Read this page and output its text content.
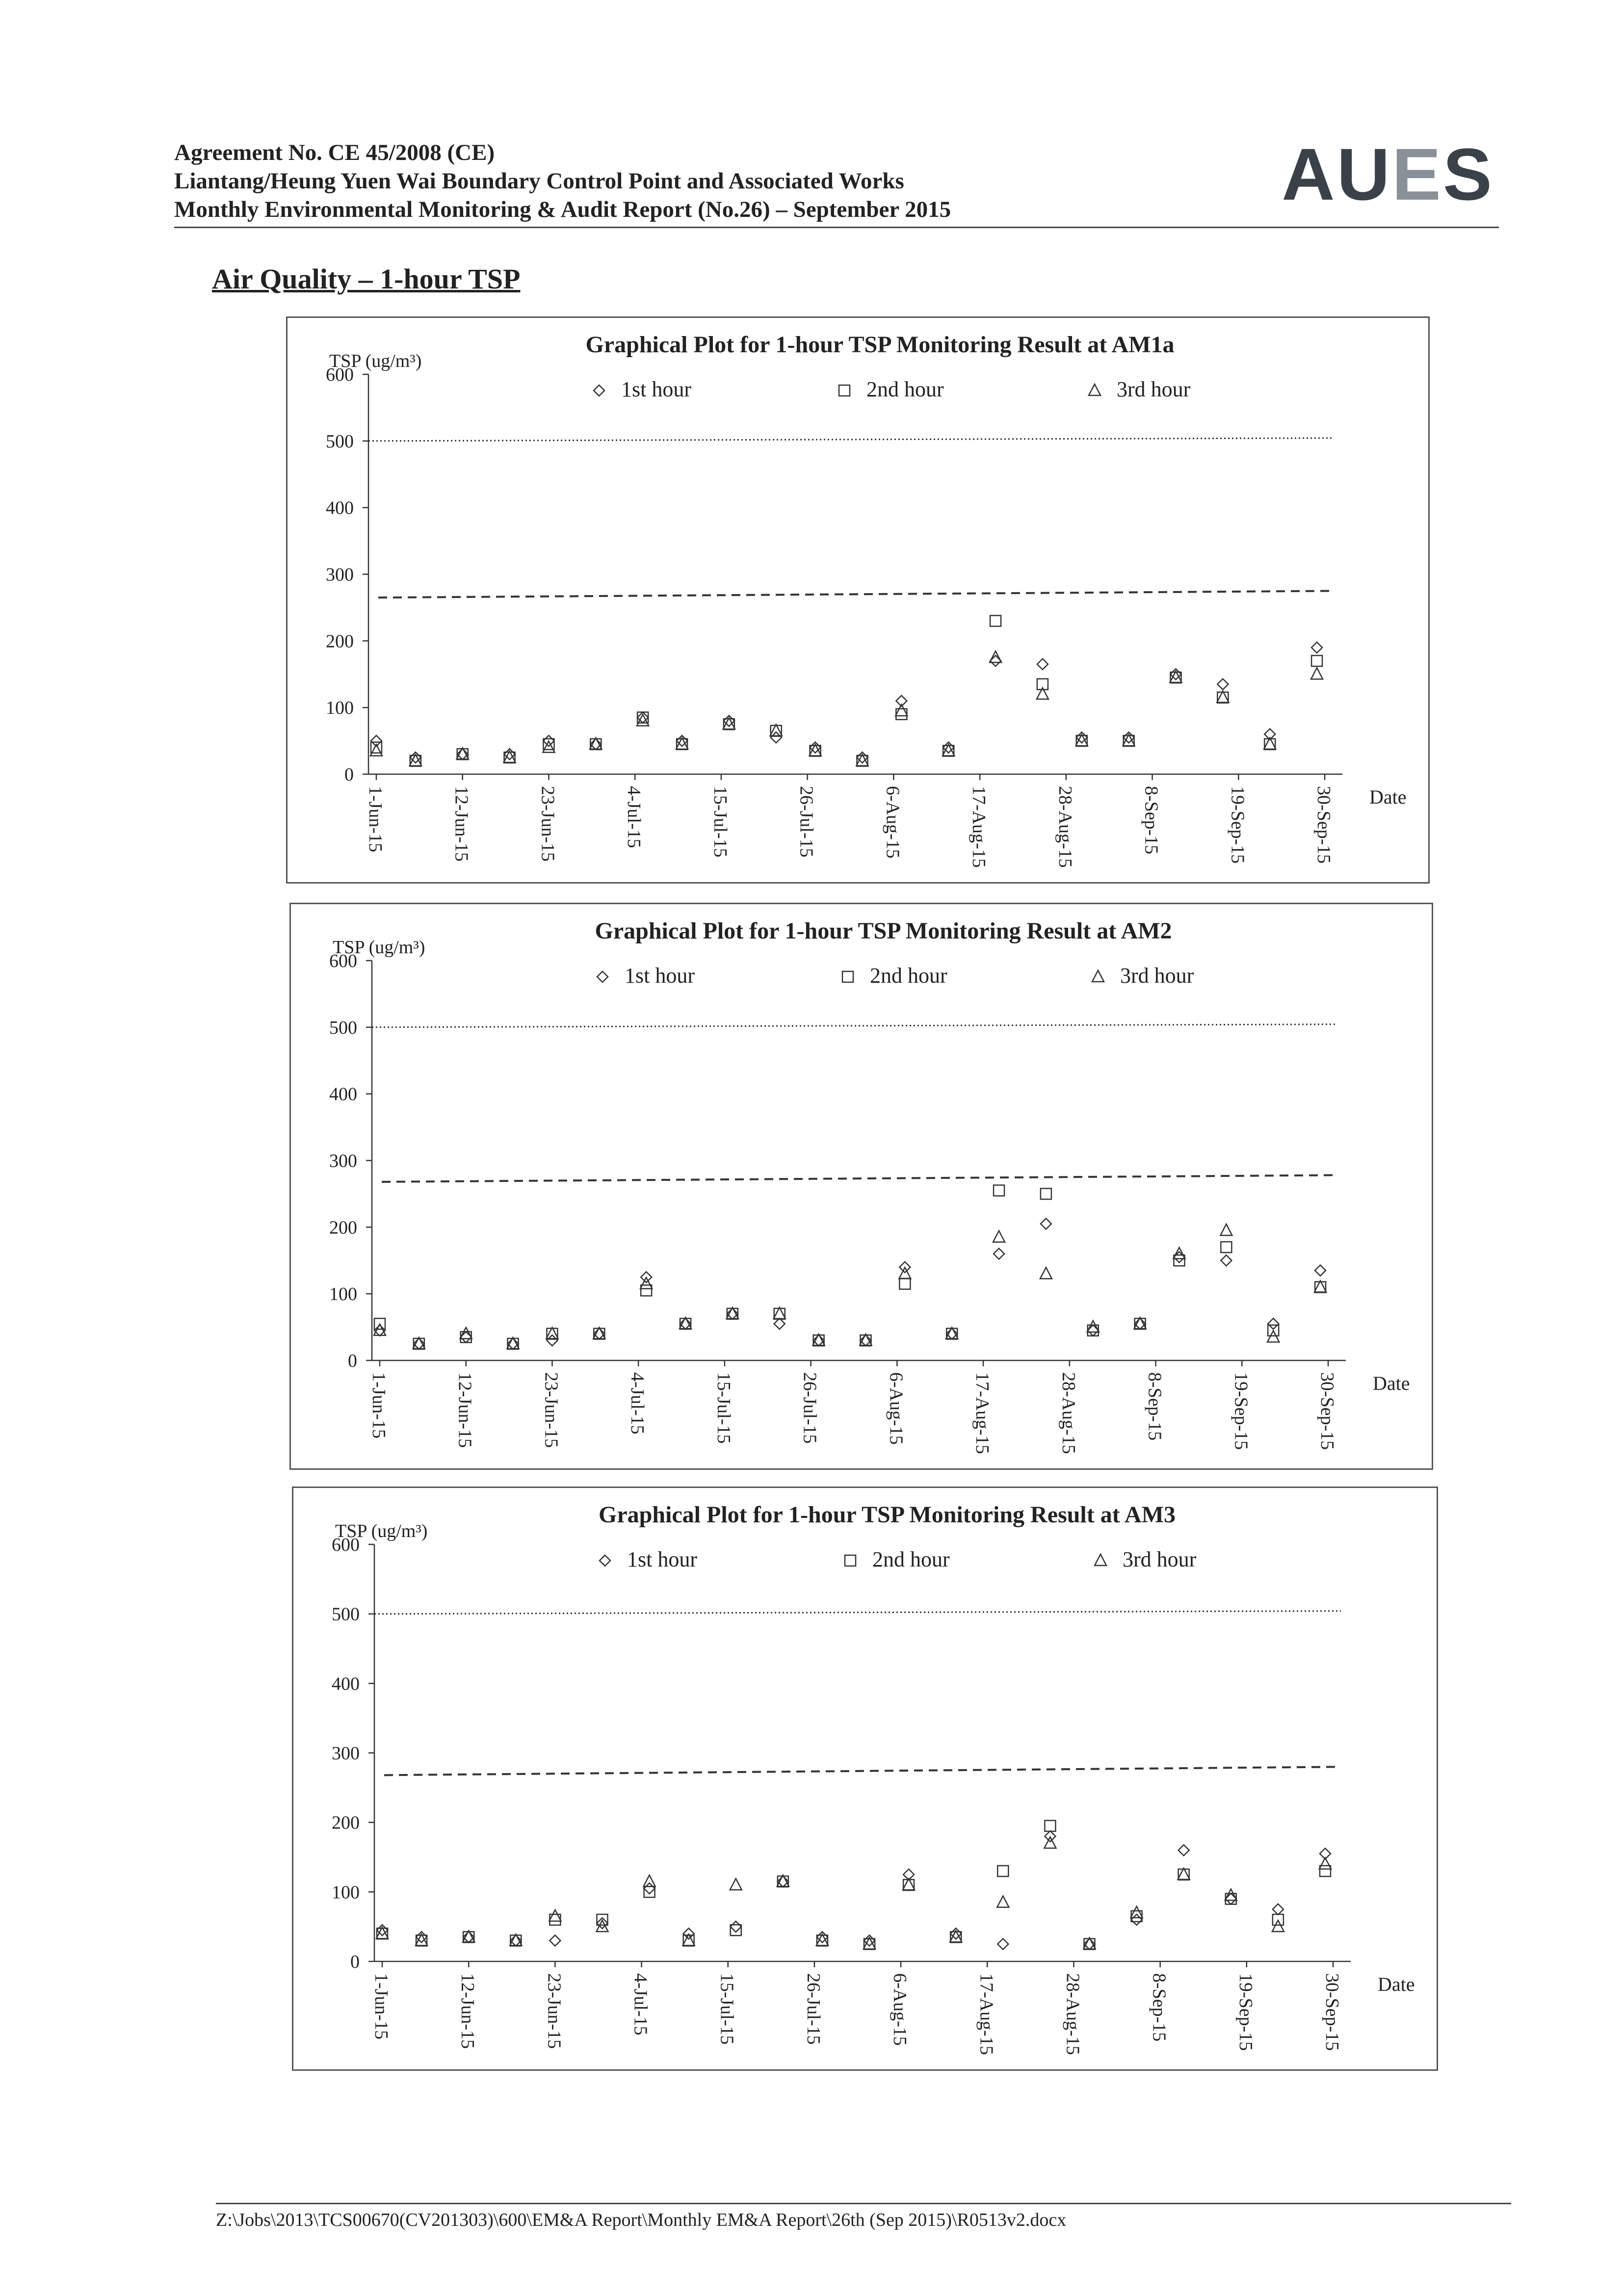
Agreement No. CE 45/2008 (CE)
Liantang/Heung Yuen Wai Boundary Control Point and Associated Works
Monthly Environmental Monitoring & Audit Report (No.26) – September 2015	AUES
Air Quality – 1-hour TSP
Graphical Plot for 1-hour TSP Monitoring Result at AM1a
TSP (ug/m³)
1st hour	2nd hour	3rd hour
0
100
200
300
400
500
600
1-Jun-15	12-Jun-15	23-Jun-15	4-Jul-15	15-Jul-15	26-Jul-15	6-Aug-15	17-Aug-15	28-Aug-15	8-Sep-15	19-Sep-15	30-Sep-15 Date
Graphical Plot for 1-hour TSP Monitoring Result at AM2
TSP (ug/m³)
1st hour	2nd hour	3rd hour
0
100
200
300
400
500
600
1-Jun-15	12-Jun-15	23-Jun-15	4-Jul-15	15-Jul-15	26-Jul-15	6-Aug-15	17-Aug-15	28-Aug-15	8-Sep-15	19-Sep-15	30-Sep-15 Date
Graphical Plot for 1-hour TSP Monitoring Result at AM3
TSP (ug/m³)
1st hour	2nd hour	3rd hour
0
100
200
300
400
500
600
1-Jun-15	12-Jun-15	23-Jun-15	4-Jul-15	15-Jul-15	26-Jul-15	6-Aug-15	17-Aug-15	28-Aug-15	8-Sep-15	19-Sep-15	30-Sep-15 Date
Z:\Jobs\2013\TCS00670(CV201303)\600\EM&A Report\Monthly EM&A Report\26th (Sep 2015)\R0513v2.docx
